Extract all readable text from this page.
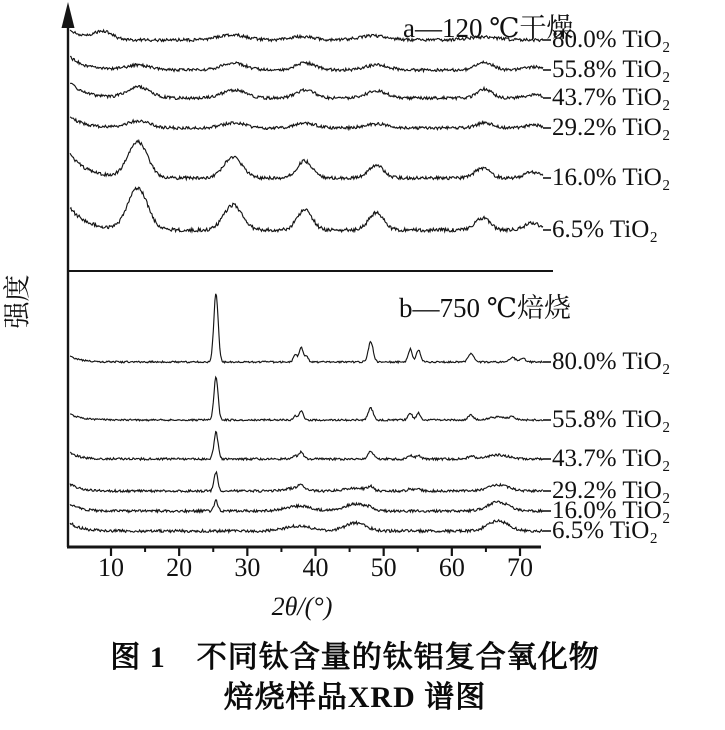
强度
a—120 ℃干燥
b—750 ℃焙烧
80.0% TiO₂
55.8% TiO₂
43.7% TiO₂
29.2% TiO₂
16.0% TiO₂
6.5% TiO₂
80.0% TiO₂
55.8% TiO₂
43.7% TiO₂
29.2% TiO₂
16.0% TiO₂
6.5% TiO₂
10	20	30	40	50	60	70
2θ/(°)
图 1　不同钛含量的钛铝复合氧化物
焙烧样品XRD 谱图
